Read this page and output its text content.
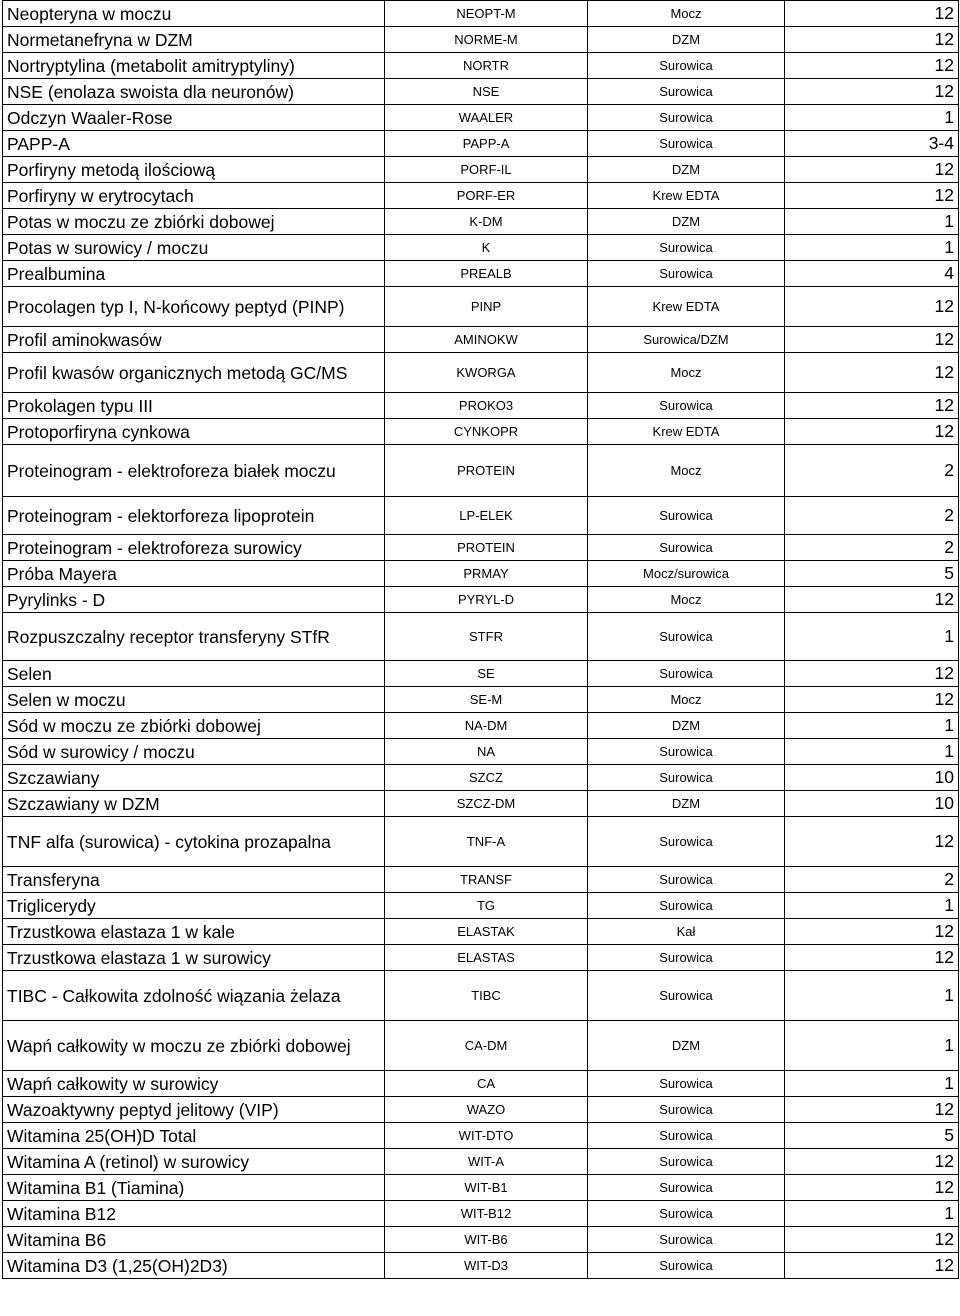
Neopteryna w moczu	NEOPT-M	Mocz	12
Normetanefryna w DZM	NORME-M	DZM	12
Nortryptylina (metabolit amitryptyliny)	NORTR	Surowica	12
NSE (enolaza swoista dla neuronów)	NSE	Surowica	12
Odczyn Waaler-Rose	WAALER	Surowica	1
PAPP-A	PAPP-A	Surowica	3-4
Porfiryny metodą ilościową	PORF-IL	DZM	12
Porfiryny w erytrocytach	PORF-ER	Krew EDTA	12
Potas w moczu ze zbiórki dobowej	K-DM	DZM	1
Potas w surowicy / moczu	K	Surowica	1
Prealbumina	PREALB	Surowica	4
Procolagen typ I, N-końcowy peptyd (PINP)	PINP	Krew EDTA	12
Profil aminokwasów	AMINOKW	Surowica/DZM	12
Profil kwasów organicznych metodą GC/MS	KWORGA	Mocz	12
Prokolagen typu III	PROKO3	Surowica	12
Protoporfiryna cynkowa	CYNKOPR	Krew EDTA	12
Proteinogram - elektroforeza białek moczu	PROTEIN	Mocz	2
Proteinogram - elektorforeza lipoprotein	LP-ELEK	Surowica	2
Proteinogram - elektroforeza surowicy	PROTEIN	Surowica	2
Próba Mayera	PRMAY	Mocz/surowica	5
Pyrylinks - D	PYRYL-D	Mocz	12
Rozpuszczalny receptor transferyny STfR	STFR	Surowica	1
Selen	SE	Surowica	12
Selen w moczu	SE-M	Mocz	12
Sód w moczu ze zbiórki dobowej	NA-DM	DZM	1
Sód w surowicy / moczu	NA	Surowica	1
Szczawiany	SZCZ	Surowica	10
Szczawiany w DZM	SZCZ-DM	DZM	10
TNF alfa (surowica) - cytokina prozapalna	TNF-A	Surowica	12
Transferyna	TRANSF	Surowica	2
Triglicerydy	TG	Surowica	1
Trzustkowa elastaza 1 w kale	ELASTAK	Kał	12
Trzustkowa elastaza 1 w surowicy	ELASTAS	Surowica	12
TIBC - Całkowita zdolność wiązania żelaza	TIBC	Surowica	1
Wapń całkowity w moczu ze zbiórki dobowej	CA-DM	DZM	1
Wapń całkowity w surowicy	CA	Surowica	1
Wazoaktywny peptyd jelitowy (VIP)	WAZO	Surowica	12
Witamina 25(OH)D Total	WIT-DTO	Surowica	5
Witamina A (retinol) w surowicy	WIT-A	Surowica	12
Witamina B1 (Tiamina)	WIT-B1	Surowica	12
Witamina B12	WIT-B12	Surowica	1
Witamina B6	WIT-B6	Surowica	12
Witamina D3 (1,25(OH)2D3)	WIT-D3	Surowica	12
